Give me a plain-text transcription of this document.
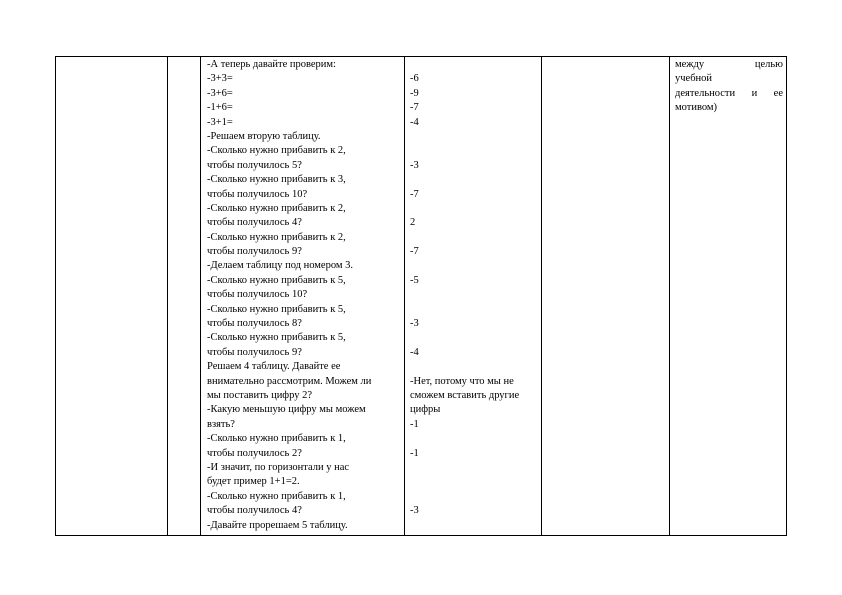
-А теперь давайте проверим:
-3+3=
-3+6=
-1+6=
-3+1=
-Решаем вторую таблицу.
-Сколько нужно прибавить к 2,
чтобы получилось 5?
-Сколько нужно прибавить к 3,
чтобы получилось 10?
-Сколько нужно прибавить к 2,
чтобы получилось 4?
-Сколько нужно прибавить к 2,
чтобы получилось 9?
-Делаем таблицу под номером 3.
-Сколько нужно прибавить к 5,
чтобы получилось 10?
-Сколько нужно прибавить к 5,
чтобы получилось 8?
-Сколько нужно прибавить к 5,
чтобы получилось 9?
Решаем 4 таблицу. Давайте ее
внимательно рассмотрим. Можем ли
мы поставить цифру 2?
-Какую меньшую цифру мы можем
взять?
-Сколько нужно прибавить к 1,
чтобы получилось 2?
-И значит, по горизонтали у нас
будет пример 1+1=2.
-Сколько нужно прибавить к 1,
чтобы получилось 4?
-Давайте прорешаем 5 таблицу.
-6
-9
-7
-4
-3
-7
2
-7
-5
-3
-4
-Нет, потому что мы не
сможем вставить другие
цифры
-1
-1
-3
между	целью
учебной
деятельности и ее
мотивом)
